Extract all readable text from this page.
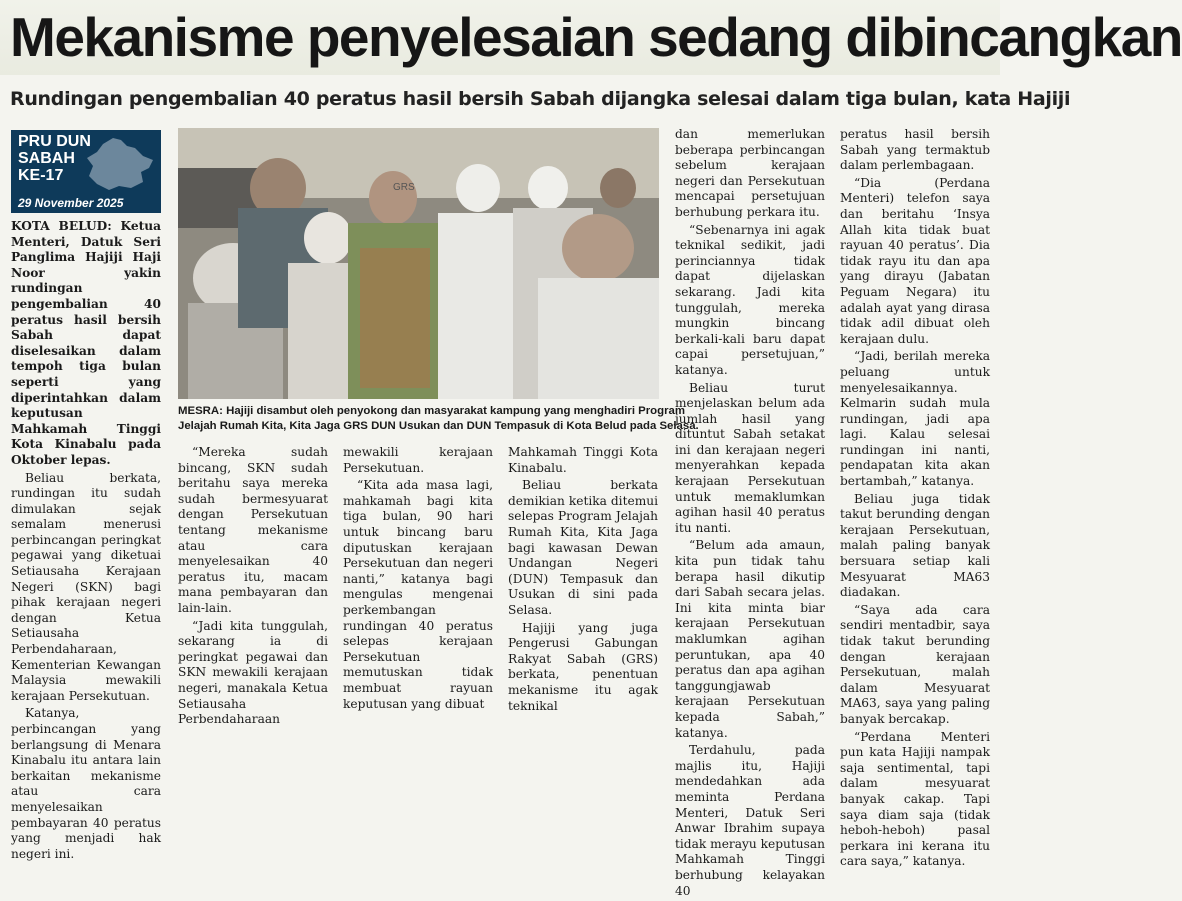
Mekanisme penyelesaian sedang dibincangkan
Rundingan pengembalian 40 peratus hasil bersih Sabah dijangka selesai dalam tiga bulan, kata Hajiji
PRU DUN
SABAH
KE-17
29 November 2025

KOTA BELUD: Ketua Menteri, Datuk Seri Panglima Hajiji Haji Noor yakin rundingan pengembalian 40 peratus hasil bersih Sabah dapat diselesaikan dalam tempoh tiga bulan seperti yang diperintahkan dalam keputusan Mahkamah Tinggi Kota Kinabalu pada Oktober lepas.

Beliau berkata, rundingan itu sudah dimulakan sejak semalam menerusi perbincangan peringkat pegawai yang diketuai Setiausaha Kerajaan Negeri (SKN) bagi pihak kerajaan negeri dengan Ketua Setiausaha Perbendaharaan, Kementerian Kewangan Malaysia mewakili kerajaan Persekutuan.

Katanya, perbincangan yang berlangsung di Menara Kinabalu itu antara lain berkaitan mekanisme atau cara menyelesaikan pembayaran 40 peratus yang menjadi hak negeri ini.

GRS

MESRA: Hajiji disambut oleh penyokong dan masyarakat kampung yang menghadiri Program
Jelajah Rumah Kita, Kita Jaga GRS DUN Usukan dan DUN Tempasuk di Kota Belud pada Selasa.

“Mereka sudah bincang, SKN sudah beritahu saya mereka sudah bermesyuarat dengan Persekutuan tentang mekanisme atau cara menyelesaikan 40 peratus itu, macam mana pembayaran dan lain-lain.

“Jadi kita tunggulah, sekarang ia di peringkat pegawai dan SKN mewakili kerajaan negeri, manakala Ketua Setiausaha Perbendaharaan

mewakili kerajaan Persekutuan.

“Kita ada masa lagi, mahkamah bagi kita tiga bulan, 90 hari untuk bincang baru diputuskan kerajaan Persekutuan dan negeri nanti,” katanya bagi mengulas mengenai perkembangan rundingan 40 peratus selepas kerajaan Persekutuan memutuskan tidak membuat rayuan keputusan yang dibuat

Mahkamah Tinggi Kota Kinabalu.

Beliau berkata demikian ketika ditemui selepas Program Jelajah Rumah Kita, Kita Jaga bagi kawasan Dewan Undangan Negeri (DUN) Tempasuk dan Usukan di sini pada Selasa.

Hajiji yang juga Pengerusi Gabungan Rakyat Sabah (GRS) berkata, penentuan mekanisme itu agak teknikal

dan memerlukan beberapa perbincangan sebelum kerajaan negeri dan Persekutuan mencapai persetujuan berhubung perkara itu.

“Sebenarnya ini agak teknikal sedikit, jadi perinciannya tidak dapat dijelaskan sekarang. Jadi kita tunggulah, mereka mungkin bincang berkali-kali baru dapat capai persetujuan,” katanya.

Beliau turut menjelaskan belum ada jumlah hasil yang dituntut Sabah setakat ini dan kerajaan negeri menyerahkan kepada kerajaan Persekutuan untuk memaklumkan agihan hasil 40 peratus itu nanti.

“Belum ada amaun, kita pun tidak tahu berapa hasil dikutip dari Sabah secara jelas. Ini kita minta biar kerajaan Persekutuan maklumkan agihan peruntukan, apa 40 peratus dan apa agihan tanggungjawab kerajaan Persekutuan kepada Sabah,” katanya.

Terdahulu, pada majlis itu, Hajiji mendedahkan ada meminta Perdana Menteri, Datuk Seri Anwar Ibrahim supaya tidak merayu keputusan Mahkamah Tinggi berhubung kelayakan 40

peratus hasil bersih Sabah yang termaktub dalam perlembagaan.

“Dia (Perdana Menteri) telefon saya dan beritahu ‘Insya Allah kita tidak buat rayuan 40 peratus’. Dia tidak rayu itu dan apa yang dirayu (Jabatan Peguam Negara) itu adalah ayat yang dirasa tidak adil dibuat oleh kerajaan dulu.

“Jadi, berilah mereka peluang untuk menyelesaikannya. Kelmarin sudah mula rundingan, jadi apa lagi. Kalau selesai rundingan ini nanti, pendapatan kita akan bertambah,” katanya.

Beliau juga tidak takut berunding dengan kerajaan Persekutuan, malah paling banyak bersuara setiap kali Mesyuarat MA63 diadakan.

“Saya ada cara sendiri mentadbir, saya tidak takut berunding dengan kerajaan Persekutuan, malah dalam Mesyuarat MA63, saya yang paling banyak bercakap.

“Perdana Menteri pun kata Hajiji nampak saja sentimental, tapi dalam mesyuarat banyak cakap. Tapi saya diam saja (tidak heboh-heboh) pasal perkara ini kerana itu cara saya,” katanya.
